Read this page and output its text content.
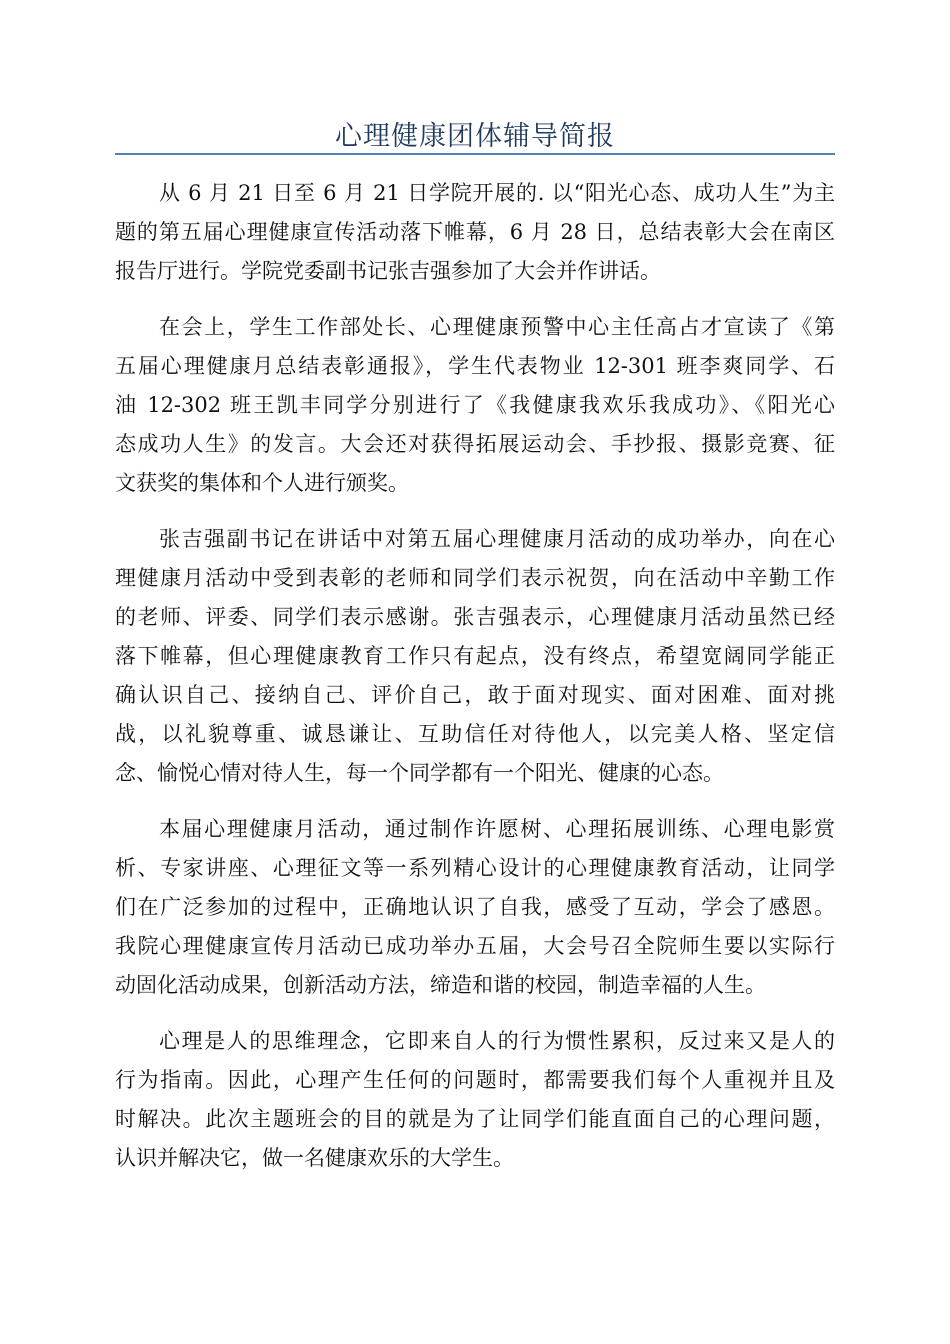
心理健康团体辅导简报
从 6 月 21 日至 6 月 21 日学院开展的. 以“阳光心态、成功人生”为主
题的第五届心理健康宣传活动落下帷幕，6 月 28 日，总结表彰大会在南区
报告厅进行。学院党委副书记张吉强参加了大会并作讲话。
在会上，学生工作部处长、心理健康预警中心主任高占才宣读了《第
五届心理健康月总结表彰通报》，学生代表物业 12-301 班李爽同学、石
油 12-302 班王凯丰同学分别进行了《我健康我欢乐我成功》、《阳光心
态成功人生》的发言。大会还对获得拓展运动会、手抄报、摄影竞赛、征
文获奖的集体和个人进行颁奖。
张吉强副书记在讲话中对第五届心理健康月活动的成功举办，向在心
理健康月活动中受到表彰的老师和同学们表示祝贺，向在活动中辛勤工作
的老师、评委、同学们表示感谢。张吉强表示，心理健康月活动虽然已经
落下帷幕，但心理健康教育工作只有起点，没有终点，希望宽阔同学能正
确认识自己、接纳自己、评价自己，敢于面对现实、面对困难、面对挑
战，以礼貌尊重、诚恳谦让、互助信任对待他人，以完美人格、坚定信
念、愉悦心情对待人生，每一个同学都有一个阳光、健康的心态。
本届心理健康月活动，通过制作许愿树、心理拓展训练、心理电影赏
析、专家讲座、心理征文等一系列精心设计的心理健康教育活动，让同学
们在广泛参加的过程中，正确地认识了自我，感受了互动，学会了感恩。
我院心理健康宣传月活动已成功举办五届，大会号召全院师生要以实际行
动固化活动成果，创新活动方法，缔造和谐的校园，制造幸福的人生。
心理是人的思维理念，它即来自人的行为惯性累积，反过来又是人的
行为指南。因此，心理产生任何的问题时，都需要我们每个人重视并且及
时解决。此次主题班会的目的就是为了让同学们能直面自己的心理问题，
认识并解决它，做一名健康欢乐的大学生。
